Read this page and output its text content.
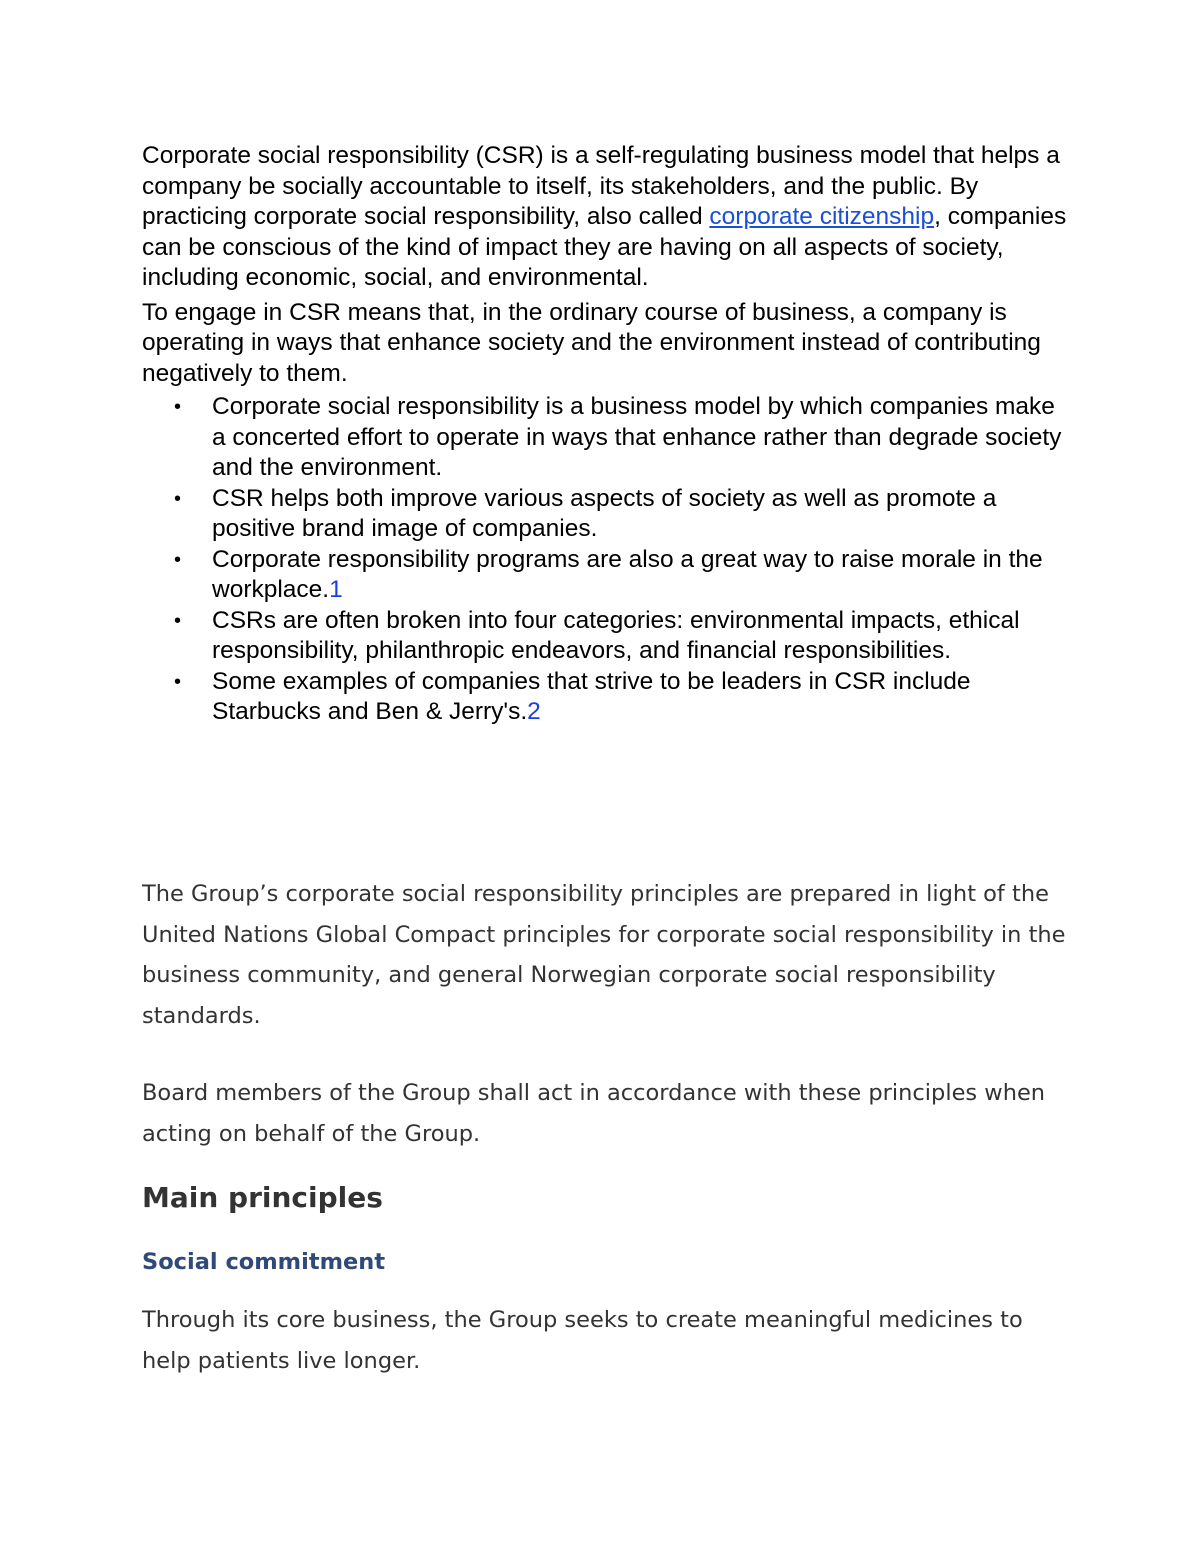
Corporate social responsibility (CSR) is a self-regulating business model that helps a company be socially accountable to itself, its stakeholders, and the public. By practicing corporate social responsibility, also called corporate citizenship, companies can be conscious of the kind of impact they are having on all aspects of society, including economic, social, and environmental.

To engage in CSR means that, in the ordinary course of business, a company is operating in ways that enhance society and the environment instead of contributing negatively to them.

• Corporate social responsibility is a business model by which companies make a concerted effort to operate in ways that enhance rather than degrade society and the environment.
• CSR helps both improve various aspects of society as well as promote a positive brand image of companies.
• Corporate responsibility programs are also a great way to raise morale in the workplace.1
• CSRs are often broken into four categories: environmental impacts, ethical responsibility, philanthropic endeavors, and financial responsibilities.
• Some examples of companies that strive to be leaders in CSR include Starbucks and Ben & Jerry's.2

The Group’s corporate social responsibility principles are prepared in light of the United Nations Global Compact principles for corporate social responsibility in the business community, and general Norwegian corporate social responsibility standards.

Board members of the Group shall act in accordance with these principles when acting on behalf of the Group.

Main principles
Social commitment

Through its core business, the Group seeks to create meaningful medicines to help patients live longer.
